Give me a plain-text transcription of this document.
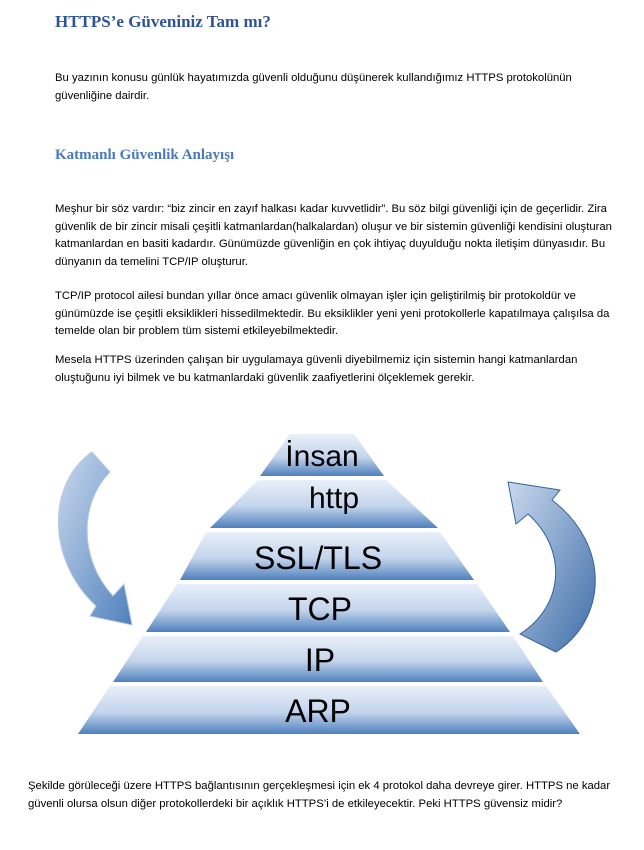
HTTPS’e Güveniniz Tam mı?

Bu yazının konusu günlük hayatımızda güvenli olduğunu düşünerek kullandığımız HTTPS protokolünün güvenliğine dairdir.

Katmanlı Güvenlik Anlayışı

Meşhur bir söz vardır: “biz zincir en zayıf halkası kadar kuvvetlidir”. Bu söz bilgi güvenliği için de geçerlidir. Zira güvenlik de bir zincir misali çeşitli katmanlardan(halkalardan) oluşur ve bir sistemin güvenliği kendisini oluşturan katmanlardan en basiti kadardır. Günümüzde güvenliğin en çok ihtiyaç duyulduğu nokta iletişim dünyasıdır. Bu dünyanın da temelini TCP/IP oluşturur.

TCP/IP protocol ailesi bundan yıllar önce amacı güvenlik olmayan işler için geliştirilmiş bir protokoldür ve günümüzde ise çeşitli eksiklikleri hissedilmektedir. Bu eksiklikler yeni yeni protokollerle kapatılmaya çalışılsa da temelde olan bir problem tüm sistemi etkileyebilmektedir.

Mesela HTTPS üzerinden çalışan bir uygulamaya güvenli diyebilmemiz için sistemin hangi katmanlardan oluştuğunu iyi bilmek ve bu katmanlardaki güvenlik zaafiyetlerini ölçeklemek gerekir.

İnsan
http
SSL/TLS
TCP
IP
ARP

Şekilde görüleceği üzere HTTPS bağlantısının gerçekleşmesi için ek 4 protokol daha devreye girer. HTTPS ne kadar güvenli olursa olsun diğer protokollerdeki bir açıklık HTTPS’i de etkileyecektir. Peki HTTPS güvensiz midir?
